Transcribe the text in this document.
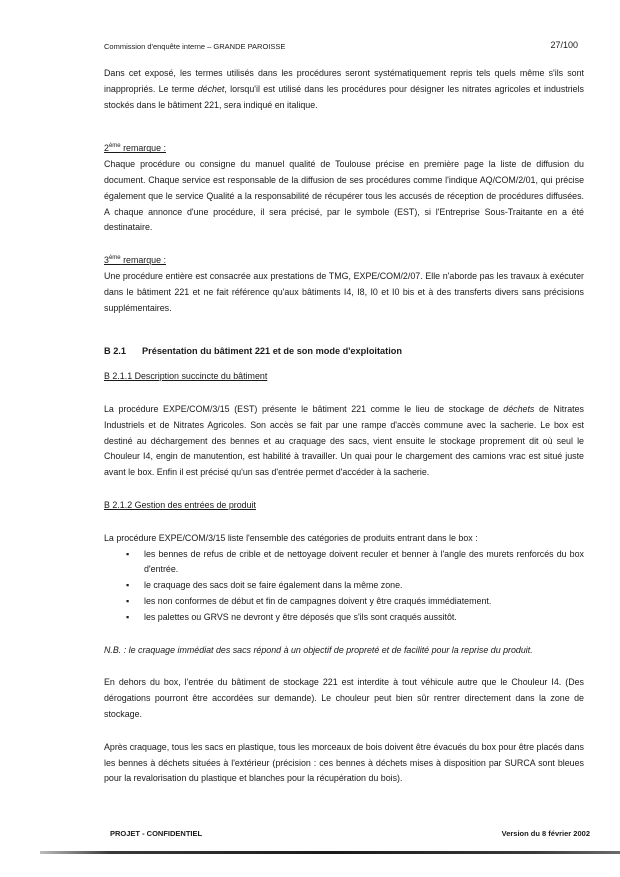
Commission d'enquête interne – GRANDE PAROISSE	27/100

Dans cet exposé, les termes utilisés dans les procédures seront systématiquement repris tels quels même s'ils sont inappropriés. Le terme déchet, lorsqu'il est utilisé dans les procédures pour désigner les nitrates agricoles et industriels stockés dans le bâtiment 221, sera indiqué en italique.

2ème remarque :

Chaque procédure ou consigne du manuel qualité de Toulouse précise en première page la liste de diffusion du document. Chaque service est responsable de la diffusion de ses procédures comme l'indique AQ/COM/2/01, qui précise également que le service Qualité a la responsabilité de récupérer tous les accusés de réception de procédures diffusées. A chaque annonce d'une procédure, il sera précisé, par le symbole (EST), si l'Entreprise Sous-Traitante en a été destinataire.

3ème remarque :

Une procédure entière est consacrée aux prestations de TMG, EXPE/COM/2/07. Elle n'aborde pas les travaux à exécuter dans le bâtiment 221 et ne fait référence qu'aux bâtiments I4, I8, I0 et I0 bis et à des transferts divers sans précisions supplémentaires.

B 2.1 Présentation du bâtiment 221 et de son mode d'exploitation

B 2.1.1 Description succincte du bâtiment

La procédure EXPE/COM/3/15 (EST) présente le bâtiment 221 comme le lieu de stockage de déchets de Nitrates Industriels et de Nitrates Agricoles. Son accès se fait par une rampe d'accès commune avec la sacherie. Le box est destiné au déchargement des bennes et au craquage des sacs, vient ensuite le stockage proprement dit où seul le Chouleur I4, engin de manutention, est habilité à travailler. Un quai pour le chargement des camions vrac est situé juste avant le box. Enfin il est précisé qu'un sas d'entrée permet d'accéder à la sacherie.

B 2.1.2 Gestion des entrées de produit

La procédure EXPE/COM/3/15 liste l'ensemble des catégories de produits entrant dans le box :

▪ les bennes de refus de crible et de nettoyage doivent reculer et benner à l'angle des murets renforcés du box d'entrée.
▪ le craquage des sacs doit se faire également dans la même zone.
▪ les non conformes de début et fin de campagnes doivent y être craqués immédiatement.
▪ les palettes ou GRVS ne devront y être déposés que s'ils sont craqués aussitôt.

N.B. : le craquage immédiat des sacs répond à un objectif de propreté et de facilité pour la reprise du produit.

En dehors du box, l'entrée du bâtiment de stockage 221 est interdite à tout véhicule autre que le Chouleur I4. (Des dérogations pourront être accordées sur demande). Le chouleur peut bien sûr rentrer directement dans la zone de stockage.

Après craquage, tous les sacs en plastique, tous les morceaux de bois doivent être évacués du box pour être placés dans les bennes à déchets situées à l'extérieur (précision : ces bennes à déchets mises à disposition par SURCA sont bleues pour la revalorisation du plastique et blanches pour la récupération du bois).

PROJET - CONFIDENTIEL	Version du 8 février 2002
